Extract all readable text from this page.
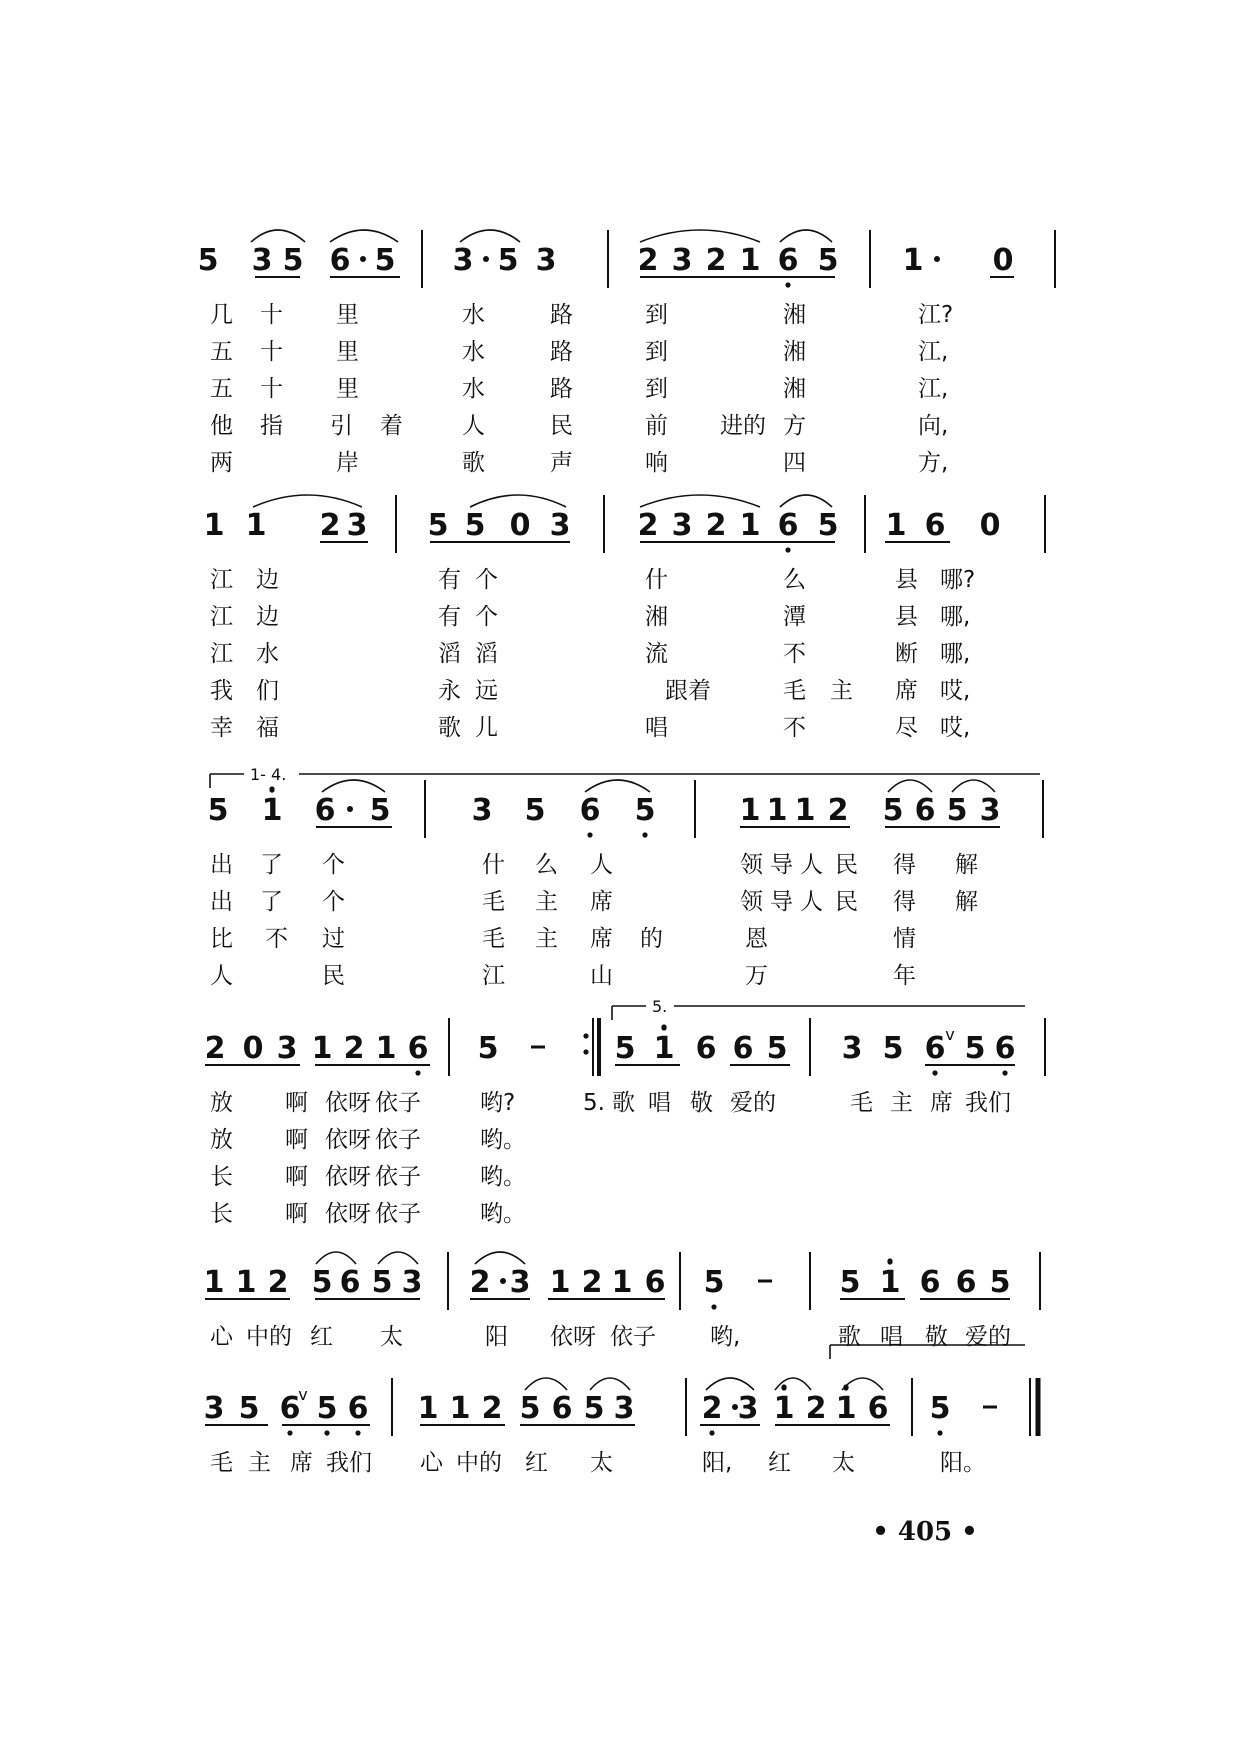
5 3 5 6 5 3 5 3	2 3 2 1 6 5 1 0
几 十 里	水	路	到	湘	江?
五 十 里	水	路	到	湘	江,
五 十 里	水	路	到	湘	江,
他 指 引 着	人	民	前 进的 方	向,
两	岸	歌	声	响	四	方,
1 1 2 3 5 5 0 3 2 3 2 1 6 5 1 6 0
江 边	有 个	什	么	县 哪?
江 边	有 个	湘	潭	县 哪,
江 水	滔 滔	流	不	断 哪,
我 们	永 远	跟着	毛 主 席 哎,
幸 福	歌 儿	唱	不	尽 哎,
1- 4.
5 1 6 5	3 5 6 5	1 1 1 2 5 6 5 3
出 了 个	什 么 人	领 导 人 民 得 解
出 了 个	毛 主 席	领 导 人 民 得 解
比 不 过	毛 主 席 的	恩	情
人	民	江	山	万	年
2 0 3 1 2 1 6 5	5 1 6 6 5 3 5 6 5 6
v
放 啊 依呀 依子	哟?	5. 歌 唱 敬 爱的	毛 主 席 我们
放 啊 依呀 依子	哟。
长 啊 依呀 依子	哟。
长 啊 依呀 依子	哟。
5.
1 1 2 5 6 5 3 2 3 1 2 1 6 5	5 1 6 6 5
心 中的 红 太	阳 依呀 依子 哟,	歌 唱 敬 爱的
3 5 6 5 6 1 1 2 5 6 5 3 2 3 1 2 1 6 5
v
毛 主 席 我们 心 中的 红 太	阳, 红 太	阳。
• 405 •
